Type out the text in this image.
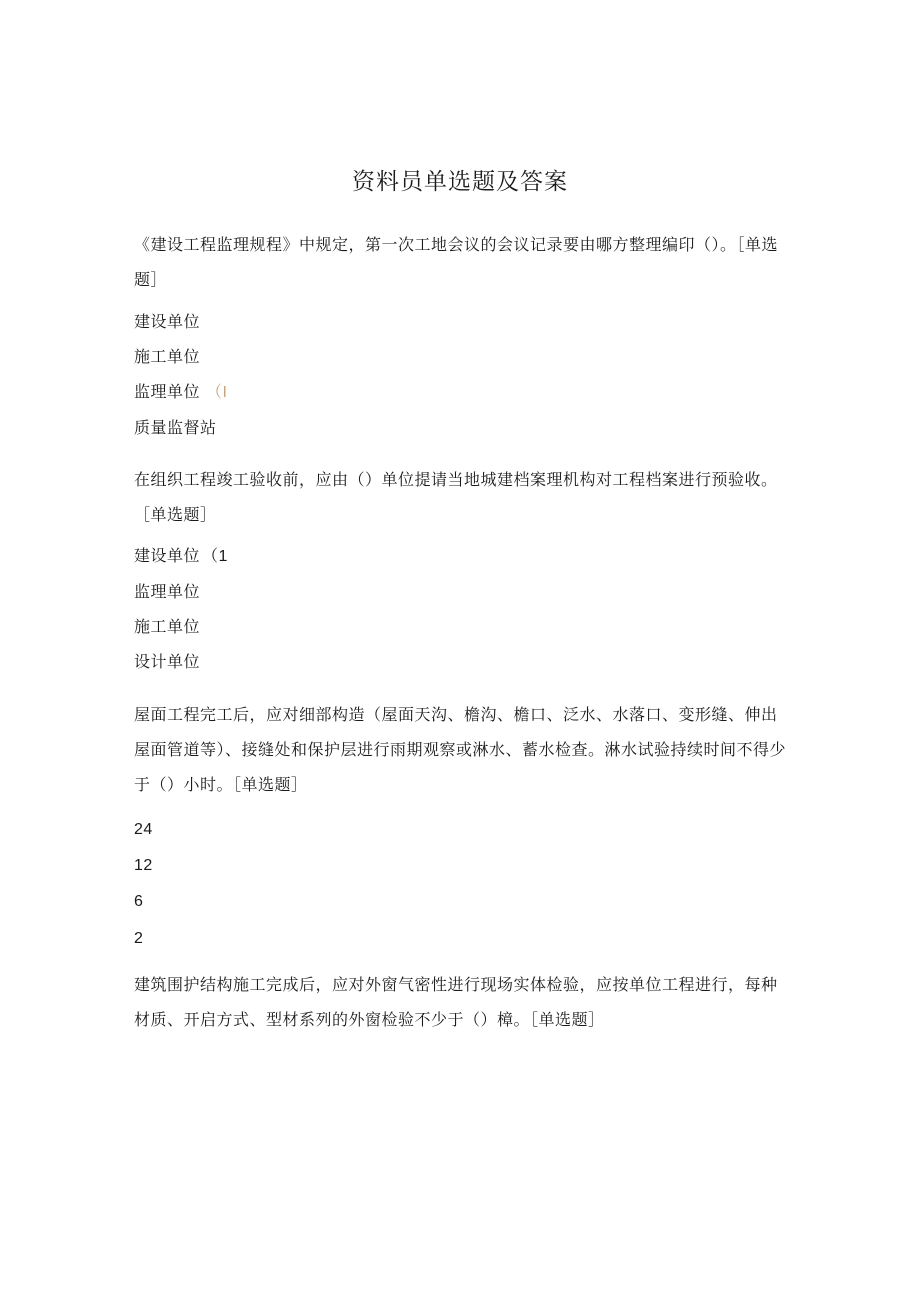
资料员单选题及答案
《建设工程监理规程》中规定，第一次工地会议的会议记录要由哪方整理编印（）。［单选题］
建设单位
施工单位
监理单位 （I
质量监督站
在组织工程竣工验收前，应由（）单位提请当地城建档案理机构对工程档案进行预验收。［单选题］
建设单位 （1
监理单位
施工单位
设计单位
屋面工程完工后，应对细部构造（屋面天沟、檐沟、檐口、泛水、水落口、变形缝、伸出屋面管道等）、接缝处和保护层进行雨期观察或淋水、蓄水检查。淋水试验持续时间不得少于（）小时。［单选题］
24
12
6
2
建筑围护结构施工完成后，应对外窗气密性进行现场实体检验，应按单位工程进行，每种材质、开启方式、型材系列的外窗检验不少于（）樟。［单选题］
